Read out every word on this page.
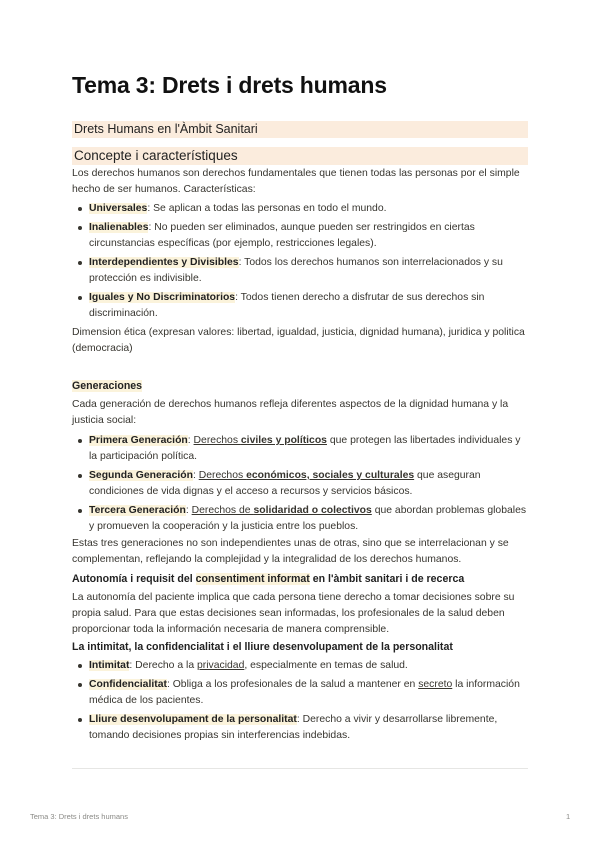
Tema 3: Drets i drets humans
Drets Humans en l'Àmbit Sanitari
Concepte i característiques
Los derechos humanos son derechos fundamentales que tienen todas las personas por el simple hecho de ser humanos. Características:
Universales: Se aplican a todas las personas en todo el mundo.
Inalienables: No pueden ser eliminados, aunque pueden ser restringidos en ciertas circunstancias específicas (por ejemplo, restricciones legales).
Interdependientes y Divisibles: Todos los derechos humanos son interrelacionados y su protección es indivisible.
Iguales y No Discriminatorios: Todos tienen derecho a disfrutar de sus derechos sin discriminación.
Dimension ética (expresan valores: libertad, igualdad, justicia, dignidad humana), juridica y politica (democracia)
Generaciones
Cada generación de derechos humanos refleja diferentes aspectos de la dignidad humana y la justicia social:
Primera Generación: Derechos civiles y políticos que protegen las libertades individuales y la participación política.
Segunda Generación: Derechos económicos, sociales y culturales que aseguran condiciones de vida dignas y el acceso a recursos y servicios básicos.
Tercera Generación: Derechos de solidaridad o colectivos que abordan problemas globales y promueven la cooperación y la justicia entre los pueblos.
Estas tres generaciones no son independientes unas de otras, sino que se interrelacionan y se complementan, reflejando la complejidad y la integralidad de los derechos humanos.
Autonomía i requisit del consentiment informat en l'àmbit sanitari i de recerca
La autonomía del paciente implica que cada persona tiene derecho a tomar decisiones sobre su propia salud. Para que estas decisiones sean informadas, los profesionales de la salud deben proporcionar toda la información necesaria de manera comprensible.
La intimitat, la confidencialitat i el lliure desenvolupament de la personalitat
Intimitat: Derecho a la privacidad, especialmente en temas de salud.
Confidencialitat: Obliga a los profesionales de la salud a mantener en secreto la información médica de los pacientes.
Lliure desenvolupament de la personalitat: Derecho a vivir y desarrollarse libremente, tomando decisiones propias sin interferencias indebidas.
Tema 3: Drets i drets humans	1
